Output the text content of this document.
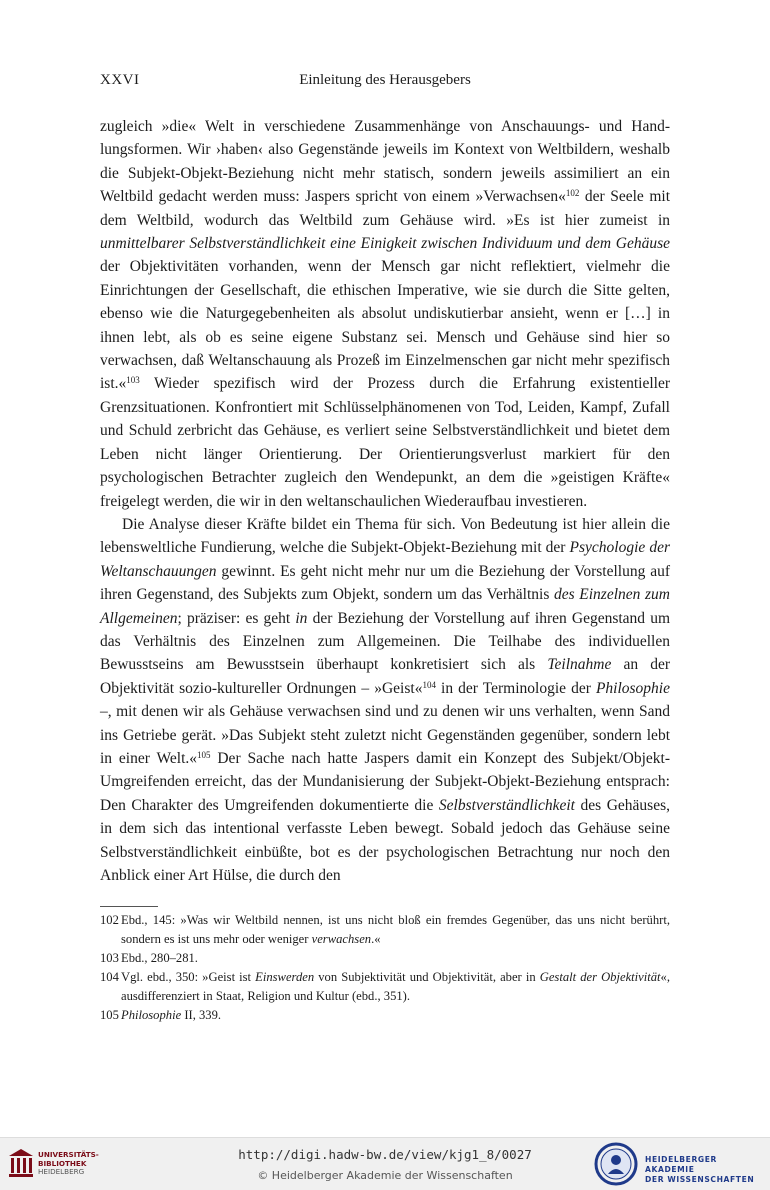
XXVI	Einleitung des Herausgebers

zugleich »die« Welt in verschiedene Zusammenhänge von Anschauungs- und Handlungsformen. Wir ›haben‹ also Gegenstände jeweils im Kontext von Weltbildern, weshalb die Subjekt-Objekt-Beziehung nicht mehr statisch, sondern jeweils assimiliert an ein Weltbild gedacht werden muss: Jaspers spricht von einem »Verwachsen«$^{102}$ der Seele mit dem Weltbild, wodurch das Weltbild zum Gehäuse wird. »Es ist hier zumeist in unmittelbarer Selbstverständlichkeit eine Einigkeit zwischen Individuum und dem Gehäuse der Objektivitäten vorhanden, wenn der Mensch gar nicht reflektiert, vielmehr die Einrichtungen der Gesellschaft, die ethischen Imperative, wie sie durch die Sitte gelten, ebenso wie die Naturgegebenheiten als absolut undiskutierbar ansieht, wenn er […] in ihnen lebt, als ob es seine eigene Substanz sei. Mensch und Gehäuse sind hier so verwachsen, daß Weltanschauung als Prozeß im Einzelmenschen gar nicht mehr spezifisch ist.«$^{103}$ Wieder spezifisch wird der Prozess durch die Erfahrung existentieller Grenzsituationen. Konfrontiert mit Schlüsselphänomenen von Tod, Leiden, Kampf, Zufall und Schuld zerbricht das Gehäuse, es verliert seine Selbstverständlichkeit und bietet dem Leben nicht länger Orientierung. Der Orientierungsverlust markiert für den psychologischen Betrachter zugleich den Wendepunkt, an dem die »geistigen Kräfte« freigelegt werden, die wir in den weltanschaulichen Wiederaufbau investieren.

Die Analyse dieser Kräfte bildet ein Thema für sich. Von Bedeutung ist hier allein die lebensweltliche Fundierung, welche die Subjekt-Objekt-Beziehung mit der Psychologie der Weltanschauungen gewinnt. Es geht nicht mehr nur um die Beziehung der Vorstellung auf ihren Gegenstand, des Subjekts zum Objekt, sondern um das Verhältnis des Einzelnen zum Allgemeinen; präziser: es geht in der Beziehung der Vorstellung auf ihren Gegenstand um das Verhältnis des Einzelnen zum Allgemeinen. Die Teilhabe des individuellen Bewusstseins am Bewusstsein überhaupt konkretisiert sich als Teilnahme an der Objektivität sozio-kultureller Ordnungen – »Geist«$^{104}$ in der Terminologie der Philosophie –, mit denen wir als Gehäuse verwachsen sind und zu denen wir uns verhalten, wenn Sand ins Getriebe gerät. »Das Subjekt steht zuletzt nicht Gegenständen gegenüber, sondern lebt in einer Welt.«$^{105}$ Der Sache nach hatte Jaspers damit ein Konzept des Subjekt/Objekt-Umgreifenden erreicht, das der Mundanisierung der Subjekt-Objekt-Beziehung entsprach: Den Charakter des Umgreifenden dokumentierte die Selbstverständlichkeit des Gehäuses, in dem sich das intentional verfasste Leben bewegt. Sobald jedoch das Gehäuse seine Selbstverständlichkeit einbüßte, bot es der psychologischen Betrachtung nur noch den Anblick einer Art Hülse, die durch den

102 Ebd., 145: »Was wir Weltbild nennen, ist uns nicht bloß ein fremdes Gegenüber, das uns nicht berührt, sondern es ist uns mehr oder weniger verwachsen.«
103 Ebd., 280–281.
104 Vgl. ebd., 350: »Geist ist Einswerden von Subjektivität und Objektivität, aber in Gestalt der Objektivität«, ausdifferenziert in Staat, Religion und Kultur (ebd., 351).
105 Philosophie II, 339.
UNIVERSITÄTS-
BIBLIOTHEK
HEIDELBERG
http://digi.hadw-bw.de/view/kjg1_8/0027
© Heidelberger Akademie der Wissenschaften
HEIDELBERGER AKADEMIE
DER WISSENSCHAFTEN
